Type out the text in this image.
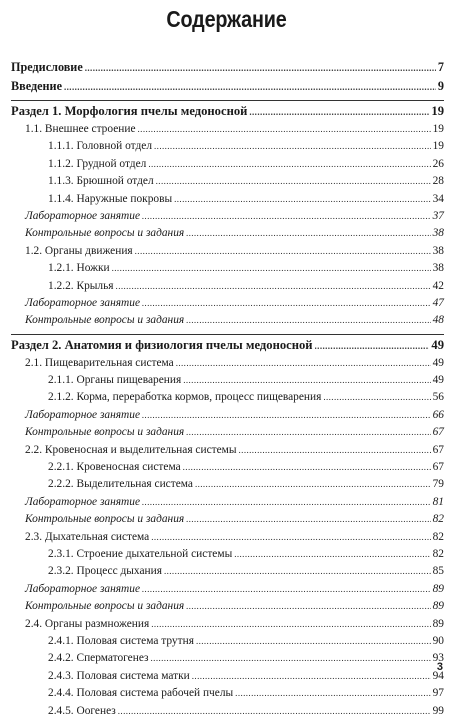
Содержание
Предисловие .....	7
Введение .....	9
Раздел 1. Морфология пчелы медоносной .....	19
1.1. Внешнее строение .....	19
1.1.1. Головной отдел .....	19
1.1.2. Грудной отдел .....	26
1.1.3. Брюшной отдел .....	28
1.1.4. Наружные покровы .....	34
Лабораторное занятие .....	37
Контрольные вопросы и задания .....	38
1.2. Органы движения .....	38
1.2.1. Ножки .....	38
1.2.2. Крылья .....	42
Лабораторное занятие .....	47
Контрольные вопросы и задания .....	48
Раздел 2. Анатомия и физиология пчелы медоносной .....	49
2.1. Пищеварительная система .....	49
2.1.1. Органы пищеварения .....	49
2.1.2. Корма, переработка кормов, процесс пищеварения .....	56
Лабораторное занятие .....	66
Контрольные вопросы и задания .....	67
2.2. Кровеносная и выделительная системы .....	67
2.2.1. Кровеносная система .....	67
2.2.2. Выделительная система .....	79
Лабораторное занятие .....	81
Контрольные вопросы и задания .....	82
2.3. Дыхательная система .....	82
2.3.1. Строение дыхательной системы .....	82
2.3.2. Процесс дыхания .....	85
Лабораторное занятие .....	89
Контрольные вопросы и задания .....	89
2.4. Органы размножения .....	89
2.4.1. Половая система трутня .....	90
2.4.2. Сперматогенез .....	93
2.4.3. Половая система матки .....	94
2.4.4. Половая система рабочей пчелы .....	97
2.4.5. Оогенез .....	99
3
